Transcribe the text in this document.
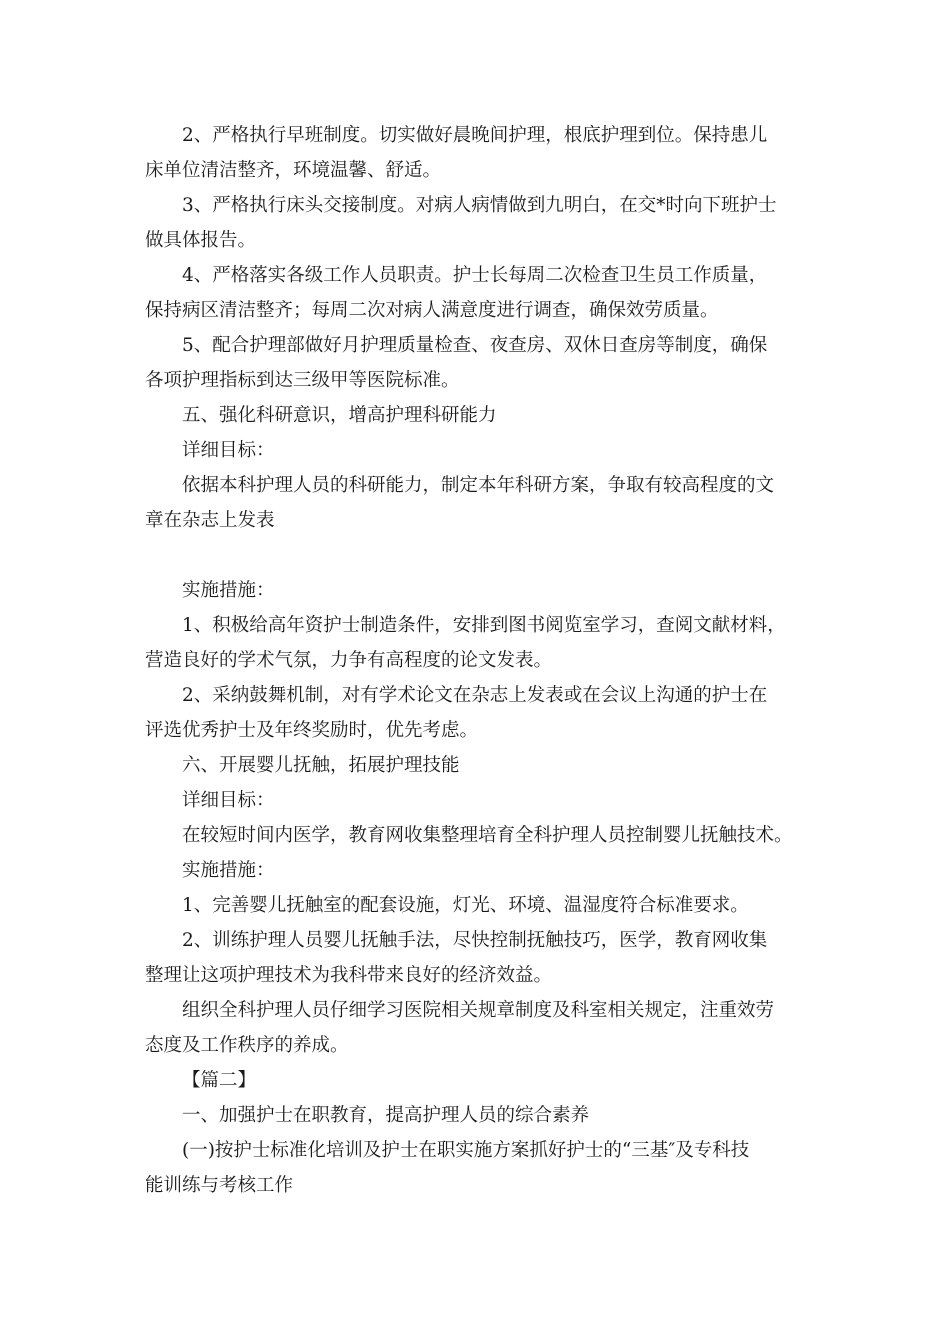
2、严格执行早班制度。切实做好晨晚间护理，根底护理到位。保持患儿
床单位清洁整齐，环境温馨、舒适。

3、严格执行床头交接制度。对病人病情做到九明白，在交*时向下班护士
做具体报告。

4、严格落实各级工作人员职责。护士长每周二次检查卫生员工作质量，
保持病区清洁整齐；每周二次对病人满意度进行调查，确保效劳质量。

5、配合护理部做好月护理质量检查、夜查房、双休日查房等制度，确保
各项护理指标到达三级甲等医院标准。

五、强化科研意识，增高护理科研能力

详细目标：

依据本科护理人员的科研能力，制定本年科研方案，争取有较高程度的文
章在杂志上发表

实施措施：

1、积极给高年资护士制造条件，安排到图书阅览室学习，查阅文献材料，
营造良好的学术气氛，力争有高程度的论文发表。

2、采纳鼓舞机制，对有学术论文在杂志上发表或在会议上沟通的护士在
评选优秀护士及年终奖励时，优先考虑。

六、开展婴儿抚触，拓展护理技能

详细目标：

在较短时间内医学，教育网收集整理培育全科护理人员控制婴儿抚触技术。

实施措施：

1、完善婴儿抚触室的配套设施，灯光、环境、温湿度符合标准要求。

2、训练护理人员婴儿抚触手法，尽快控制抚触技巧，医学，教育网收集
整理让这项护理技术为我科带来良好的经济效益。

组织全科护理人员仔细学习医院相关规章制度及科室相关规定，注重效劳
态度及工作秩序的养成。

【篇二】

一、加强护士在职教育，提高护理人员的综合素养

(一)按护士标准化培训及护士在职实施方案抓好护士的“三基″及专科技
能训练与考核工作
